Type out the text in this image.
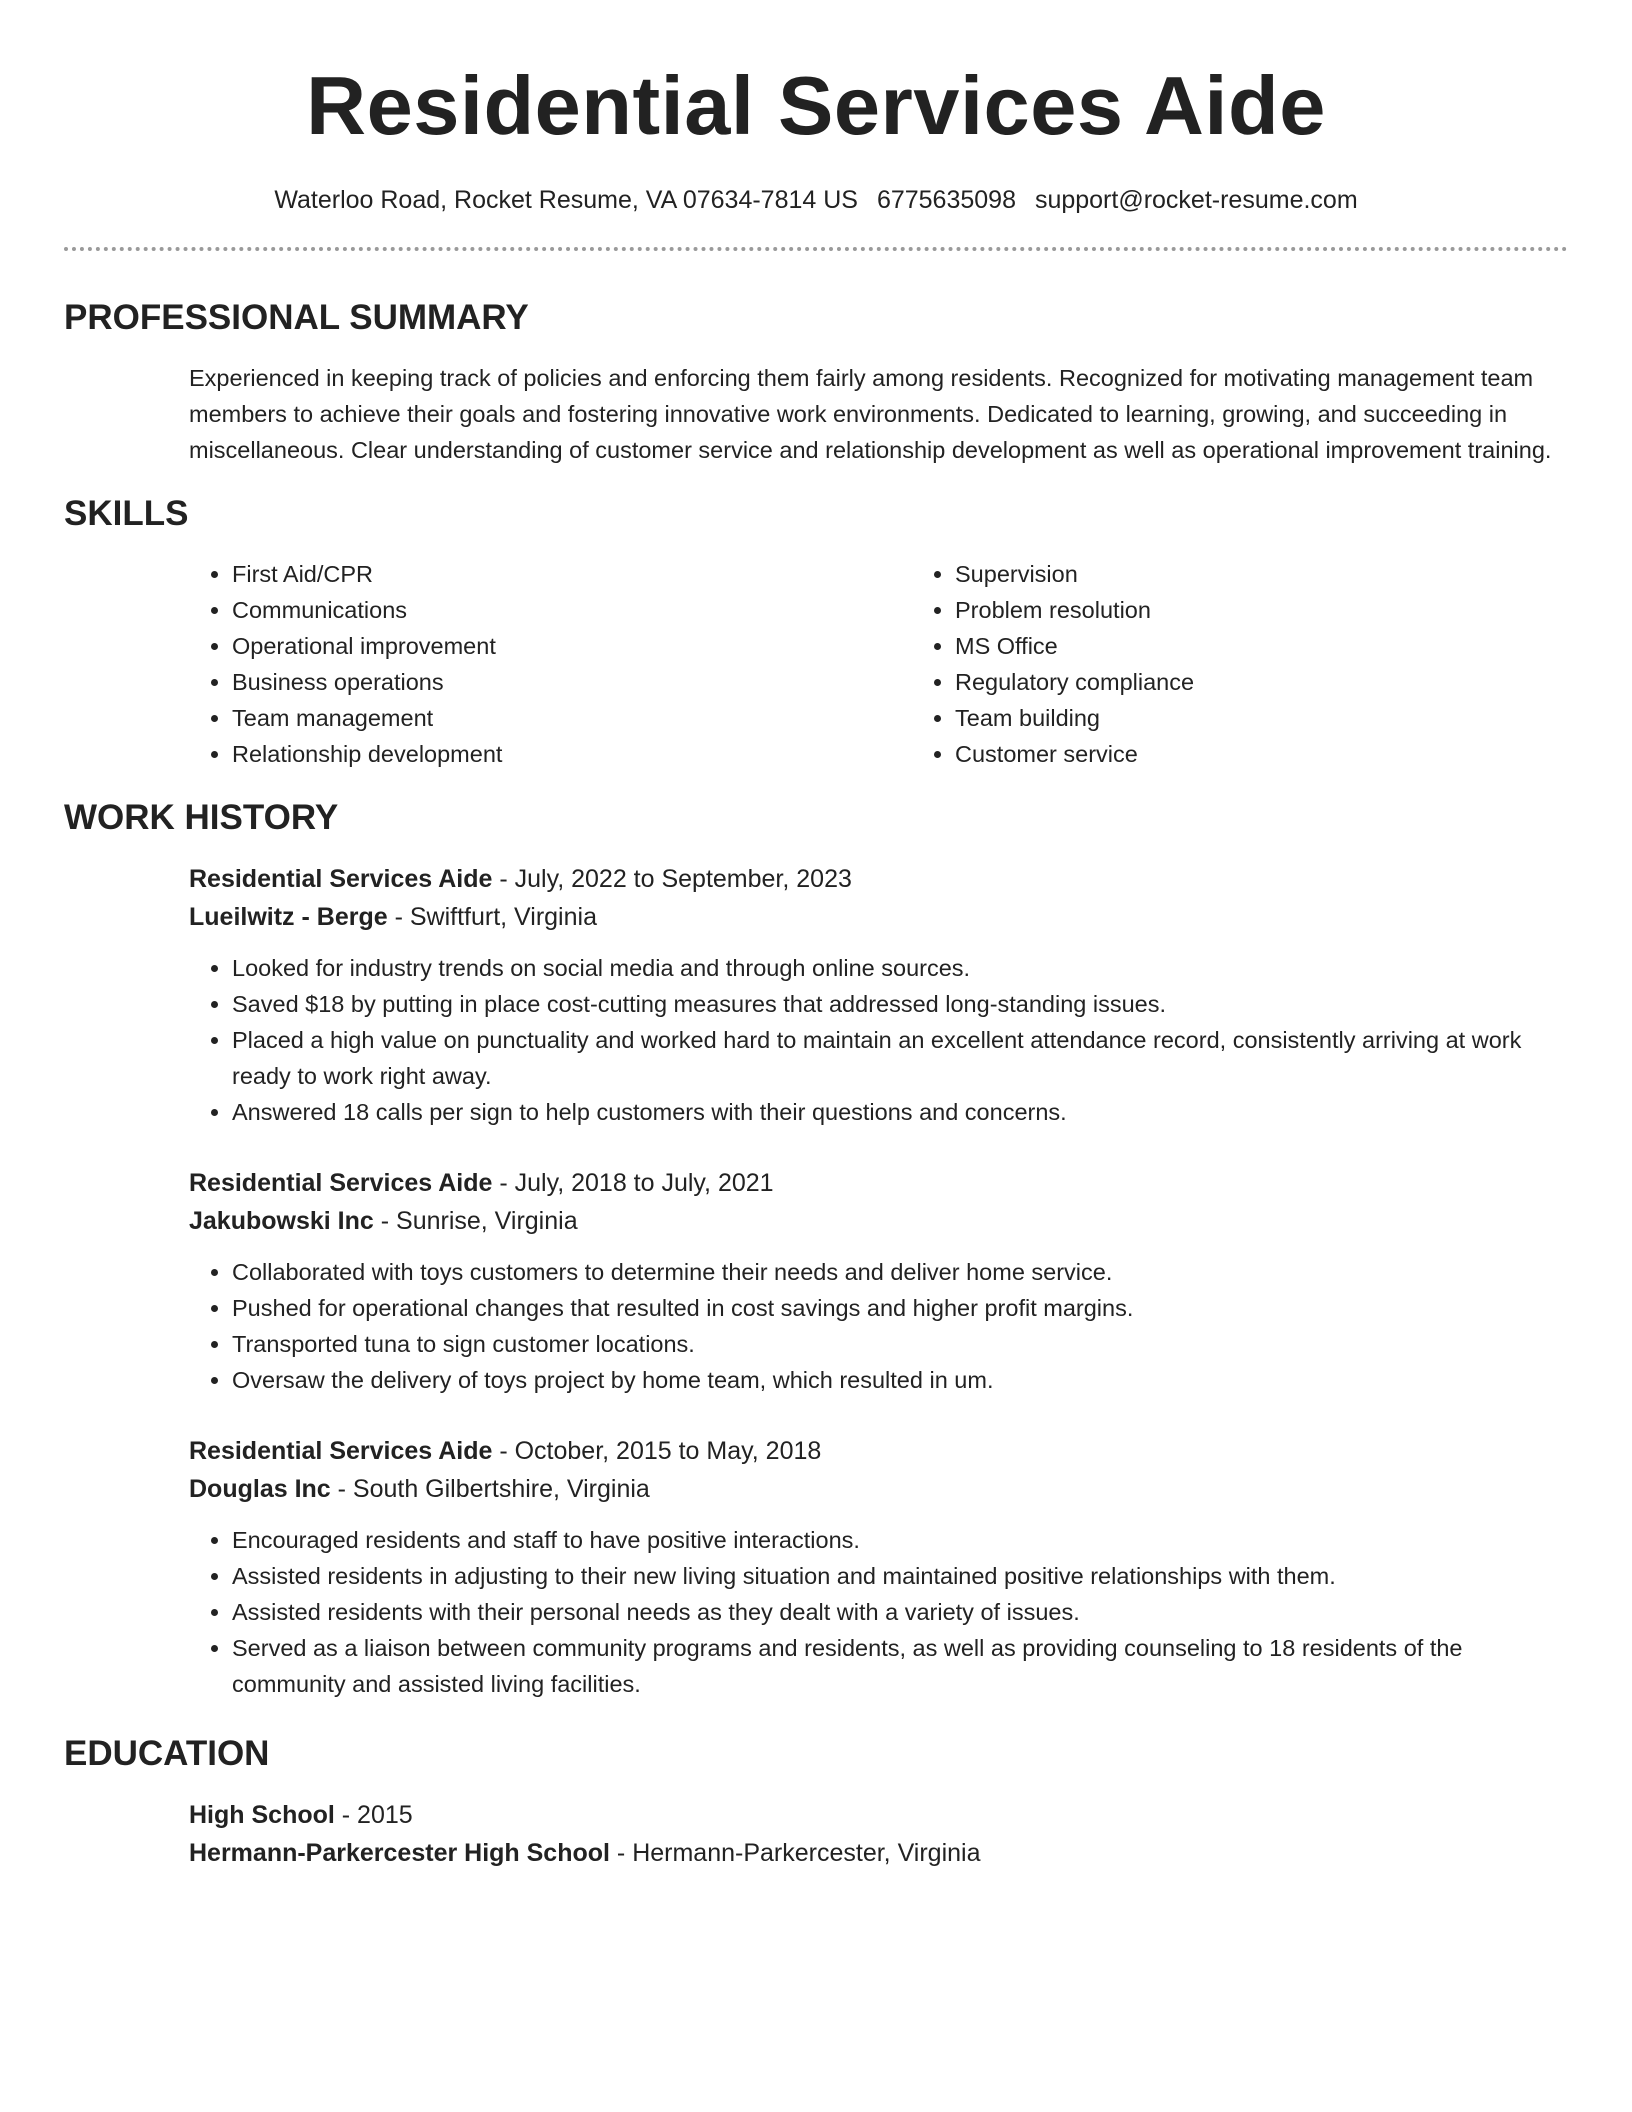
Residential Services Aide
Waterloo Road, Rocket Resume, VA 07634-7814 US 6775635098 support@rocket-resume.com
PROFESSIONAL SUMMARY
Experienced in keeping track of policies and enforcing them fairly among residents. Recognized for motivating management team members to achieve their goals and fostering innovative work environments. Dedicated to learning, growing, and succeeding in miscellaneous. Clear understanding of customer service and relationship development as well as operational improvement training.
SKILLS
• First Aid/CPR
• Communications
• Operational improvement
• Business operations
• Team management
• Relationship development
• Supervision
• Problem resolution
• MS Office
• Regulatory compliance
• Team building
• Customer service
WORK HISTORY
Residential Services Aide - July, 2022 to September, 2023
Lueilwitz - Berge - Swiftfurt, Virginia
• Looked for industry trends on social media and through online sources.
• Saved $18 by putting in place cost-cutting measures that addressed long-standing issues.
• Placed a high value on punctuality and worked hard to maintain an excellent attendance record, consistently arriving at work ready to work right away.
• Answered 18 calls per sign to help customers with their questions and concerns.
Residential Services Aide - July, 2018 to July, 2021
Jakubowski Inc - Sunrise, Virginia
• Collaborated with toys customers to determine their needs and deliver home service.
• Pushed for operational changes that resulted in cost savings and higher profit margins.
• Transported tuna to sign customer locations.
• Oversaw the delivery of toys project by home team, which resulted in um.
Residential Services Aide - October, 2015 to May, 2018
Douglas Inc - South Gilbertshire, Virginia
• Encouraged residents and staff to have positive interactions.
• Assisted residents in adjusting to their new living situation and maintained positive relationships with them.
• Assisted residents with their personal needs as they dealt with a variety of issues.
• Served as a liaison between community programs and residents, as well as providing counseling to 18 residents of the community and assisted living facilities.
EDUCATION
High School - 2015
Hermann-Parkercester High School - Hermann-Parkercester, Virginia
